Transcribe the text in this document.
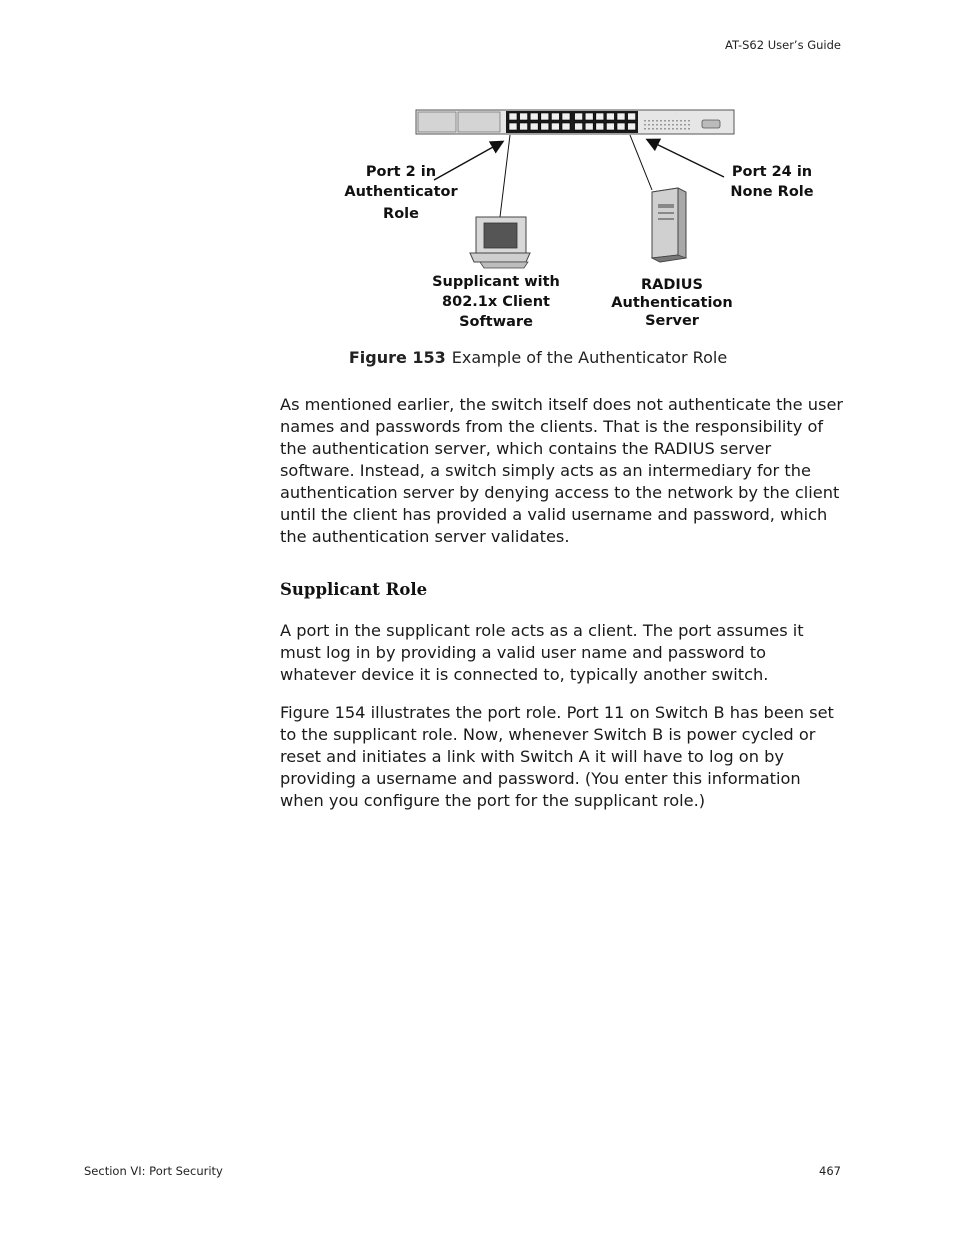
AT-S62 User’s Guide
.
Port 2 in
Authenticator
Role
Port 24 in
None Role
Supplicant with
802.1x Client
Software
RADIUS
Authentication
Server
Figure 153 Example of the Authenticator Role

As mentioned earlier, the switch itself does not authenticate the user names and passwords from the clients. That is the responsibility of the authentication server, which contains the RADIUS server software. Instead, a switch simply acts as an intermediary for the authentication server by denying access to the network by the client until the client has provided a valid username and password, which the authentication server validates.

Supplicant Role

A port in the supplicant role acts as a client. The port assumes it must log in by providing a valid user name and password to whatever device it is connected to, typically another switch.

Figure 154 illustrates the port role. Port 11 on Switch B has been set to the supplicant role. Now, whenever Switch B is power cycled or reset and initiates a link with Switch A it will have to log on by providing a username and password. (You enter this information when you configure the port for the supplicant role.)

Section VI: Port Security	467
